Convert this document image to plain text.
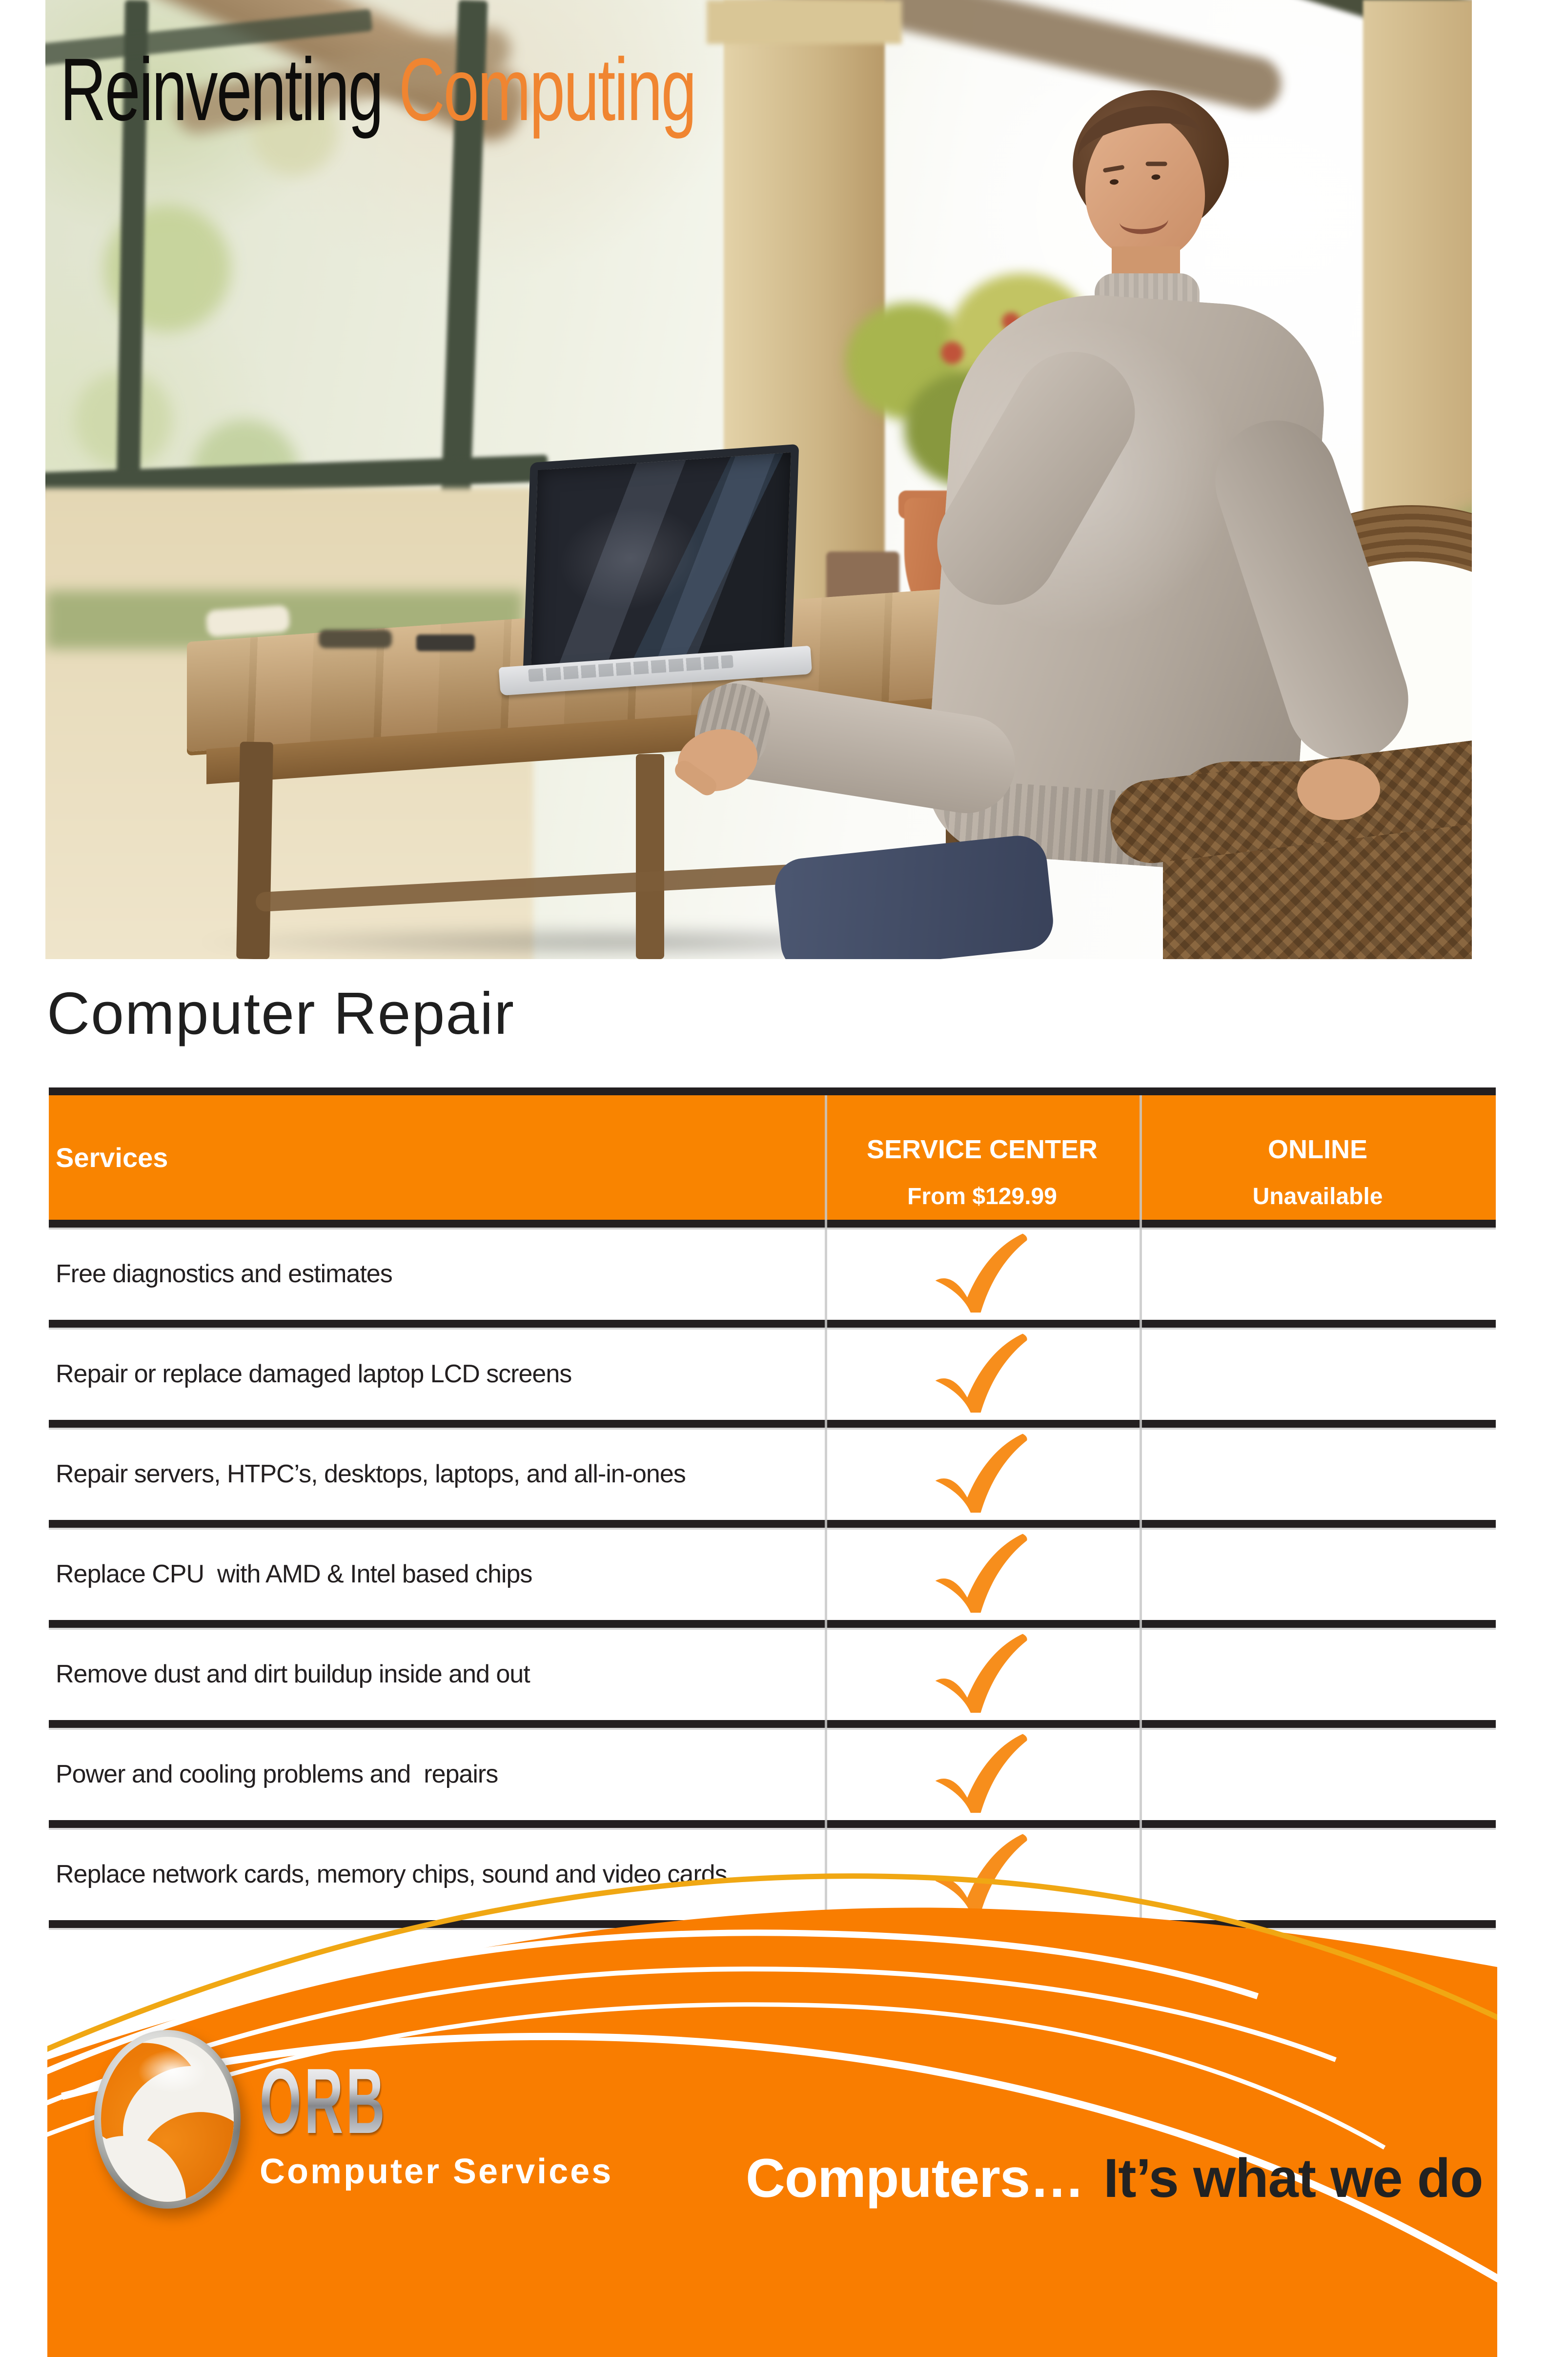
Reinventing Computing
Computer Repair
Services	SERVICE CENTER
From $129.99
ONLINE
Unavailable
Free diagnostics and estimates
Repair or replace damaged laptop LCD screens
Repair servers, HTPC’s, desktops, laptops, and all-in-ones
Replace CPU  with AMD & Intel based chips
Remove dust and dirt buildup inside and out
Power and cooling problems and  repairs
Replace network cards, memory chips, sound and video cards
ORB
Computer Services Computers… It’s what we do
